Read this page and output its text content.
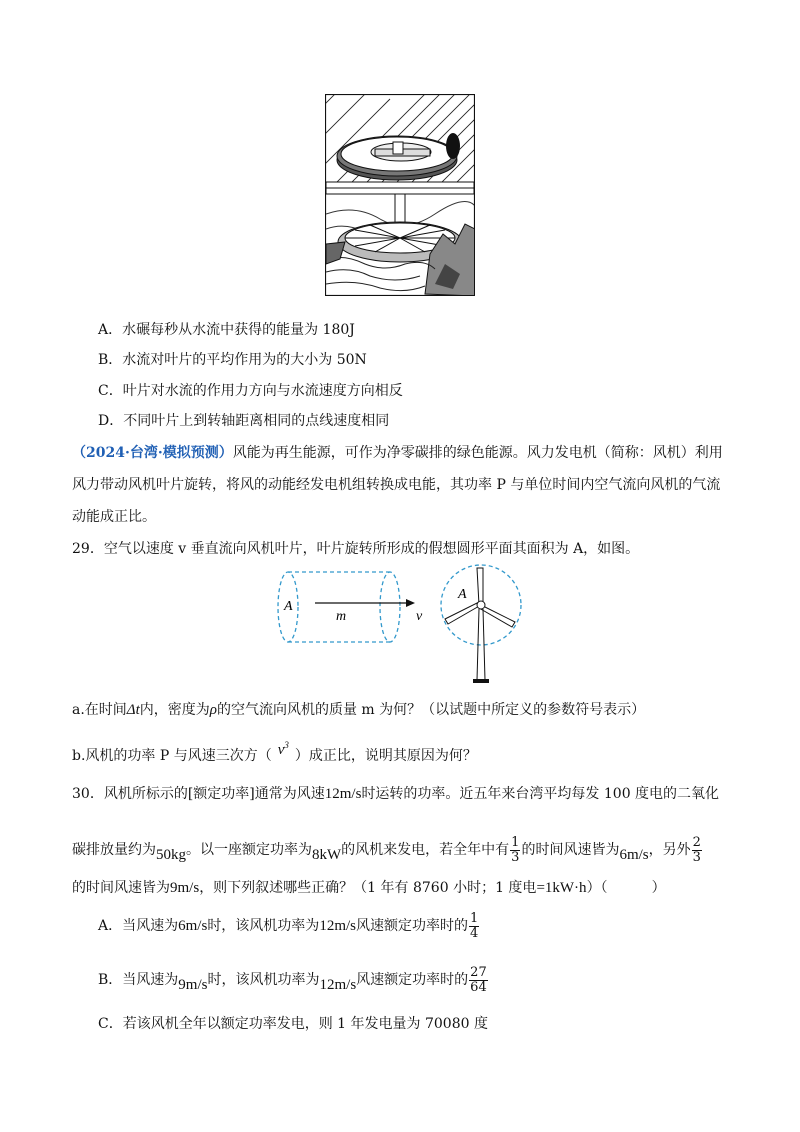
A．水碾每秒从水流中获得的能量为 180J
B．水流对叶片的平均作用为的大小为 50N
C．叶片对水流的作用力方向与水流速度方向相反
D．不同叶片上到转轴距离相同的点线速度相同
（2024·台湾·模拟预测）风能为再生能源，可作为净零碳排的绿色能源。风力发电机（简称：风机）利用
风力带动风机叶片旋转，将风的动能经发电机组转换成电能，其功率 P 与单位时间内空气流向风机的气流
动能成正比。
29．空气以速度 v 垂直流向风机叶片，叶片旋转所形成的假想圆形平面其面积为 A，如图。
A
m	v
A
a.在时间Δt内，密度为ρ的空气流向风机的质量 m 为何？（以试题中所定义的参数符号表示）
b.风机的功率 P 与风速三次方（ $v^3$）成正比，说明其原因为何？
30．风机所标示的[额定功率]通常为风速12m/s时运转的功率。近五年来台湾平均每发 100 度电的二氧化
碳排放量约为 50kg 。以一座额定功率为 8kW 的风机来发电，若全年中有 $\frac{1}{3}$ 的时间风速皆为 6m/s ，另外 $\frac{2}{3}$
的时间风速皆为9m/s，则下列叙述哪些正确？（1 年有 8760 小时；1 度电=1kW·h）（	）
A．当风速为 6m/s 时，该风机功率为 12m/s 风速额定功率时的 $\frac{1}{4}$
B．当风速为 9m/s 时，该风机功率为 12m/s 风速额定功率时的 $\frac{27}{64}$
C．若该风机全年以额定功率发电，则 1 年发电量为 70080 度
